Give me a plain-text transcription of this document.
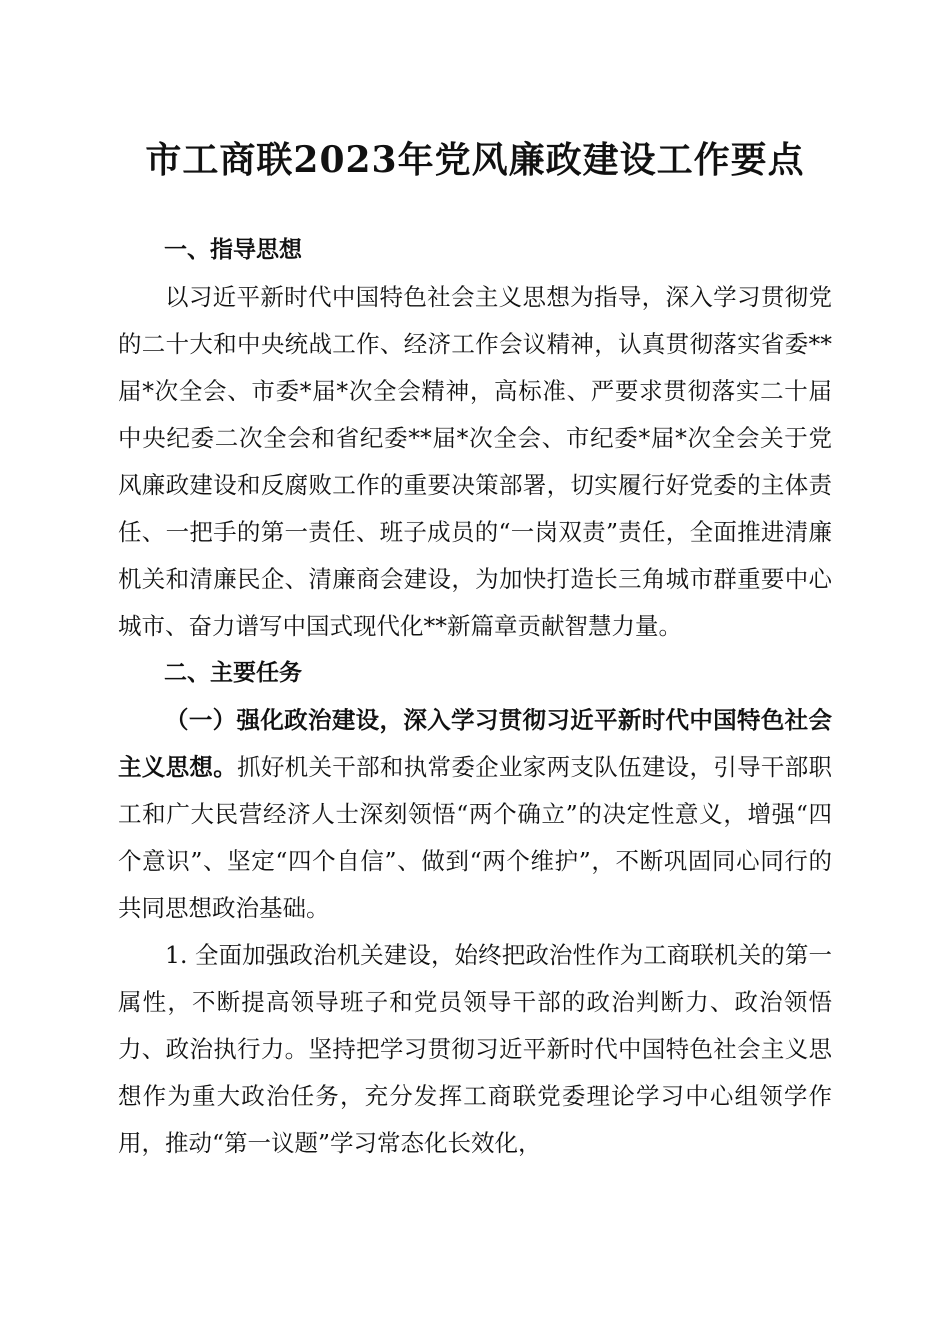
市工商联2023年党风廉政建设工作要点

一、指导思想

以习近平新时代中国特色社会主义思想为指导，深入学习贯彻党的二十大和中央统战工作、经济工作会议精神，认真贯彻落实省委**届*次全会、市委*届*次全会精神，高标准、严要求贯彻落实二十届中央纪委二次全会和省纪委**届*次全会、市纪委*届*次全会关于党风廉政建设和反腐败工作的重要决策部署，切实履行好党委的主体责任、一把手的第一责任、班子成员的“一岗双责”责任，全面推进清廉机关和清廉民企、清廉商会建设，为加快打造长三角城市群重要中心城市、奋力谱写中国式现代化**新篇章贡献智慧力量。

二、主要任务

（一）强化政治建设，深入学习贯彻习近平新时代中国特色社会主义思想。抓好机关干部和执常委企业家两支队伍建设，引导干部职工和广大民营经济人士深刻领悟“两个确立”的决定性意义，增强“四个意识”、坚定“四个自信”、做到“两个维护”，不断巩固同心同行的共同思想政治基础。

1. 全面加强政治机关建设，始终把政治性作为工商联机关的第一属性，不断提高领导班子和党员领导干部的政治判断力、政治领悟力、政治执行力。坚持把学习贯彻习近平新时代中国特色社会主义思想作为重大政治任务，充分发挥工商联党委理论学习中心组领学作用，推动“第一议题”学习常态化长效化，
